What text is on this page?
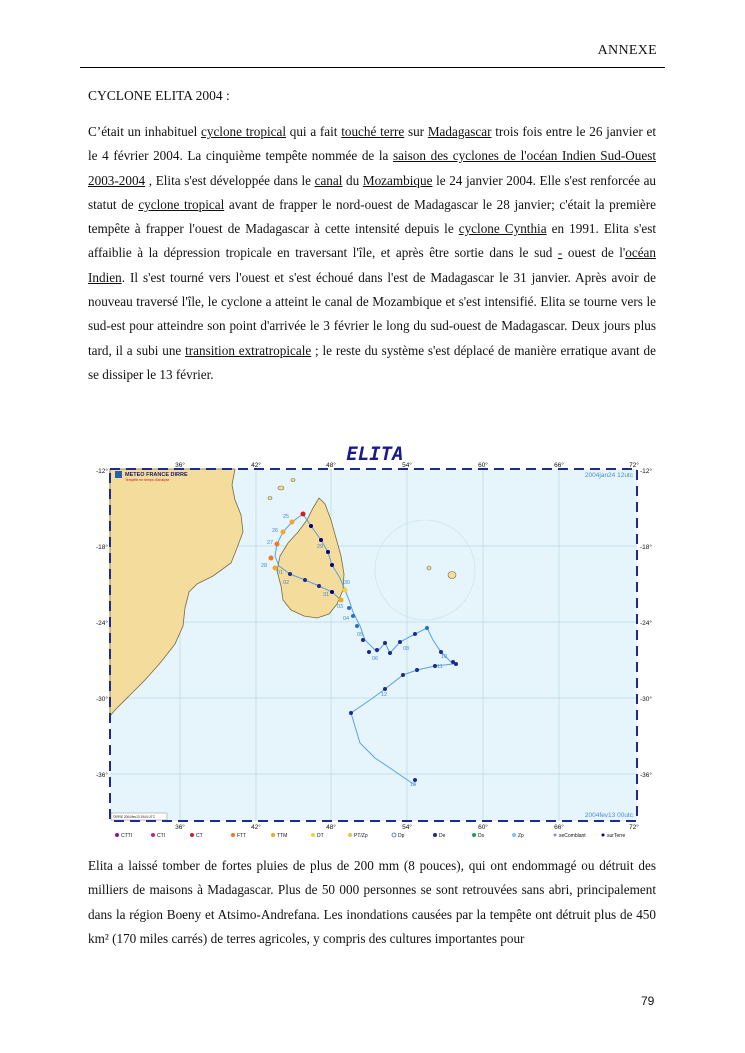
ANNEXE
CYCLONE ELITA 2004 :

C’était un inhabituel cyclone tropical qui a fait touché terre sur Madagascar trois fois entre le 26 janvier et le 4 février 2004. La cinquième tempête nommée de la saison des cyclones de l'océan Indien Sud-Ouest 2003-2004 , Elita s'est développée dans le canal du Mozambique le 24 janvier 2004. Elle s'est renforcée au statut de cyclone tropical avant de frapper le nord-ouest de Madagascar le 28 janvier; c'était la première tempête à frapper l'ouest de Madagascar à cette intensité depuis le cyclone Cynthia en 1991. Elita s'est affaiblie à la dépression tropicale en traversant l'île, et après être sortie dans le sud - ouest de l'océan Indien. Il s'est tourné vers l'ouest et s'est échoué dans l'est de Madagascar le 31 janvier. Après avoir de nouveau traversé l'île, le cyclone a atteint le canal de Mozambique et s'est intensifié. Elita se tourne vers le sud-est pour atteindre son point d'arrivée le 3 février le long du sud-ouest de Madagascar. Deux jours plus tard, il a subi une transition extratropicale ; le reste du système s'est déplacé de manière erratique avant de se dissiper le 13 février.

ELITA
METEO FRANCE DIRRE
Tempête en temps d'analyse
2004jan24 12utc
2004fev13 00utc
©IRRE 2004/fev13 1944 UTC
36°	42°	48°	54°	60°	66°	72°
36°	42°	48°	54°	60°	66°	72°
-12°
-18°
-24°
-30°
-36°
-12°
-18°
-24°
-30°
-36°
25
26
27
28
29
30
31
01
02
03
04
05
06
08
10
11
12
13
CTTI	CTI	CT	FTT	TTM	DT	PT/Zp	Dp	De	Ds	Zp	seComblant	surTerre

Elita a laissé tomber de fortes pluies de plus de 200 mm (8 pouces), qui ont endommagé ou détruit des milliers de maisons à Madagascar. Plus de 50 000 personnes se sont retrouvées sans abri, principalement dans la région Boeny et Atsimo-Andrefana. Les inondations causées par la tempête ont détruit plus de 450 km² (170 miles carrés) de terres agricoles, y compris des cultures importantes pour

79
